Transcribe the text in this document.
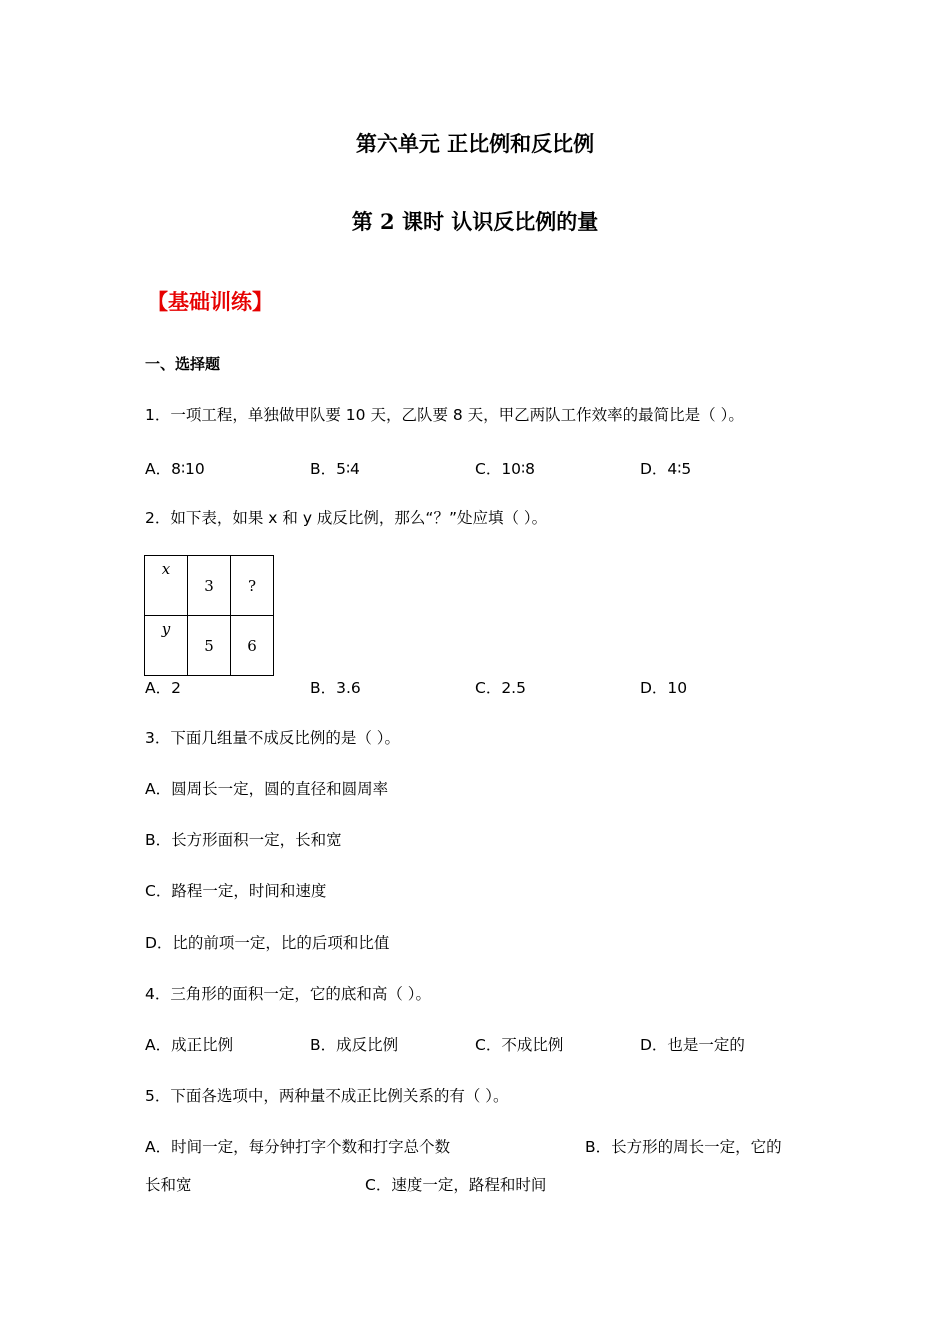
第六单元 正比例和反比例
第 2 课时 认识反比例的量
【基础训练】
一、选择题
1．一项工程，单独做甲队要 10 天，乙队要 8 天，甲乙两队工作效率的最简比是（ ）。
A．8∶10	B．5∶4	C．10∶8	D．4∶5
2．如下表，如果 x 和 y 成反比例，那么“？”处应填（ ）。
x	3	?
y	5	6
A．2	B．3.6	C．2.5	D．10
3．下面几组量不成反比例的是（ ）。
A．圆周长一定，圆的直径和圆周率
B．长方形面积一定，长和宽
C．路程一定，时间和速度
D．比的前项一定，比的后项和比值
4．三角形的面积一定，它的底和高（ ）。
A．成正比例	B．成反比例	C．不成比例	D．也是一定的
5．下面各选项中，两种量不成正比例关系的有（ ）。
A．时间一定，每分钟打字个数和打字总个数	B．长方形的周长一定，它的
长和宽	C．速度一定，路程和时间
